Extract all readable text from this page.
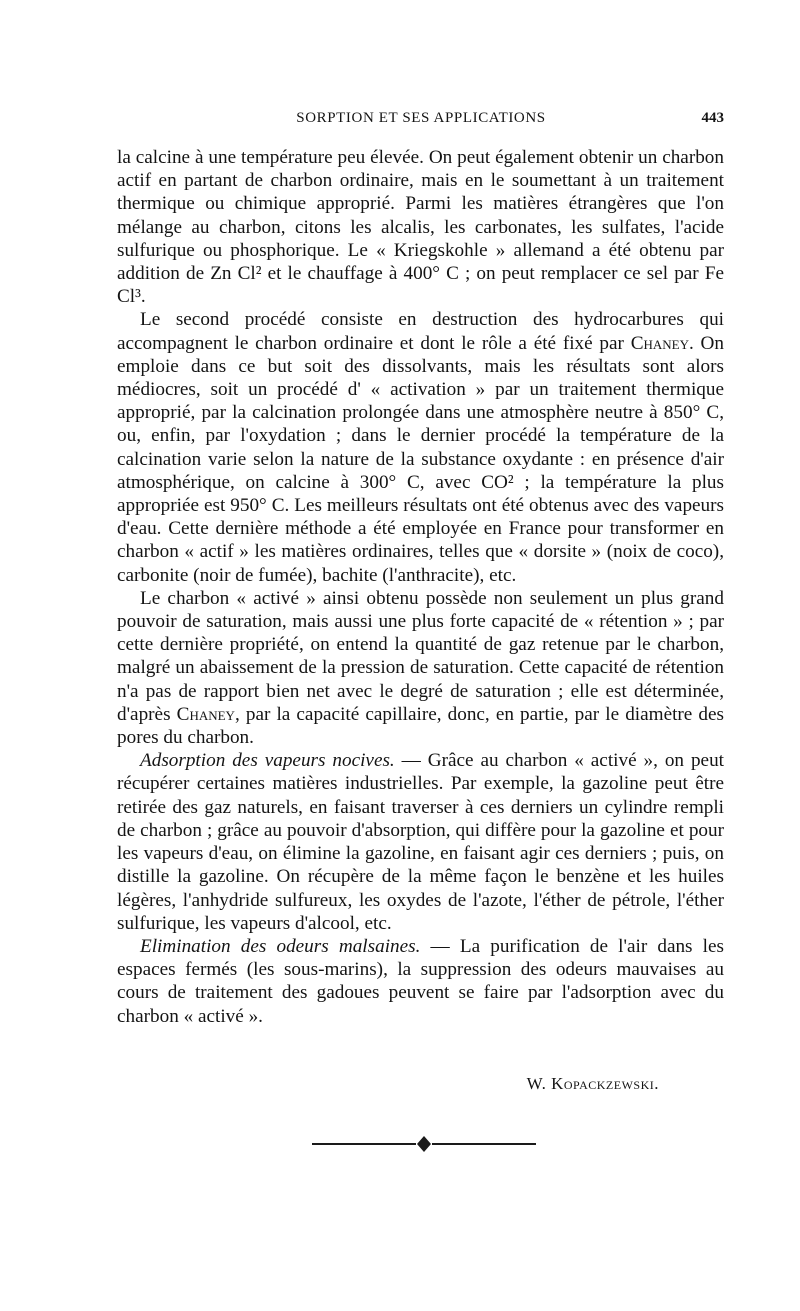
SORPTION ET SES APPLICATIONS	443

la calcine à une température peu élevée. On peut également obtenir un charbon actif en partant de charbon ordinaire, mais en le soumettant à un traitement thermique ou chimique approprié. Parmi les matières étrangères que l'on mélange au charbon, citons les alcalis, les carbonates, les sulfates, l'acide sulfurique ou phosphorique. Le « Kriegskohle » allemand a été obtenu par addition de Zn Cl² et le chauffage à 400° C ; on peut remplacer ce sel par Fe Cl³.

Le second procédé consiste en destruction des hydrocarbures qui accompagnent le charbon ordinaire et dont le rôle a été fixé par Chaney. On emploie dans ce but soit des dissolvants, mais les résultats sont alors médiocres, soit un procédé d' « activation » par un traitement thermique approprié, par la calcination prolongée dans une atmosphère neutre à 850° C, ou, enfin, par l'oxydation ; dans le dernier procédé la température de la calcination varie selon la nature de la substance oxydante : en présence d'air atmosphérique, on calcine à 300° C, avec CO² ; la température la plus appropriée est 950° C. Les meilleurs résultats ont été obtenus avec des vapeurs d'eau. Cette dernière méthode a été employée en France pour transformer en charbon « actif » les matières ordinaires, telles que « dorsite » (noix de coco), carbonite (noir de fumée), bachite (l'anthracite), etc.

Le charbon « activé » ainsi obtenu possède non seulement un plus grand pouvoir de saturation, mais aussi une plus forte capacité de « rétention » ; par cette dernière propriété, on entend la quantité de gaz retenue par le charbon, malgré un abaissement de la pression de saturation. Cette capacité de rétention n'a pas de rapport bien net avec le degré de saturation ; elle est déterminée, d'après Chaney, par la capacité capillaire, donc, en partie, par le diamètre des pores du charbon.

Adsorption des vapeurs nocives. — Grâce au charbon « activé », on peut récupérer certaines matières industrielles. Par exemple, la gazoline peut être retirée des gaz naturels, en faisant traverser à ces derniers un cylindre rempli de charbon ; grâce au pouvoir d'absorption, qui diffère pour la gazoline et pour les vapeurs d'eau, on élimine la gazoline, en faisant agir ces derniers ; puis, on distille la gazoline. On récupère de la même façon le benzène et les huiles légères, l'anhydride sulfureux, les oxydes de l'azote, l'éther de pétrole, l'éther sulfurique, les vapeurs d'alcool, etc.

Elimination des odeurs malsaines. — La purification de l'air dans les espaces fermés (les sous-marins), la suppression des odeurs mauvaises au cours de traitement des gadoues peuvent se faire par l'adsorption avec du charbon « activé ».

W. Kopackzewski.
